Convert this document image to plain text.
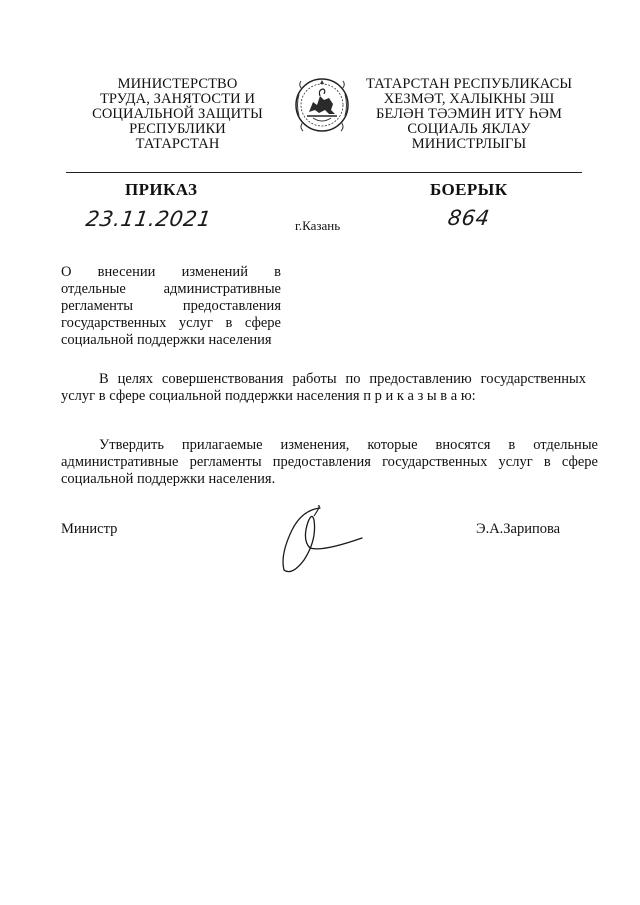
МИНИСТЕРСТВО
ТРУДА, ЗАНЯТОСТИ И
СОЦИАЛЬНОЙ ЗАЩИТЫ
РЕСПУБЛИКИ
ТАТАРСТАН
ТАТАРСТАН РЕСПУБЛИКАСЫ
ХЕЗМӘТ, ХАЛЫКНЫ ЭШ
БЕЛӘН ТӘЭМИН ИТҮ ҺӘМ
СОЦИАЛЬ ЯКЛАУ
МИНИСТРЛЫГЫ
ПРИКАЗ	БОЕРЫК
23.11.2021	г.Казань	864
О внесении изменений в отдельные административные регламенты предоставления государственных услуг в сфере социальной поддержки населения
В целях совершенствования работы по предоставлению государственных услуг в сфере социальной поддержки населения п р и к а з ы в а ю:
Утвердить прилагаемые изменения, которые вносятся в отдельные административные регламенты предоставления государственных услуг в сфере социальной поддержки населения.
Министр	Э.А.Зарипова
